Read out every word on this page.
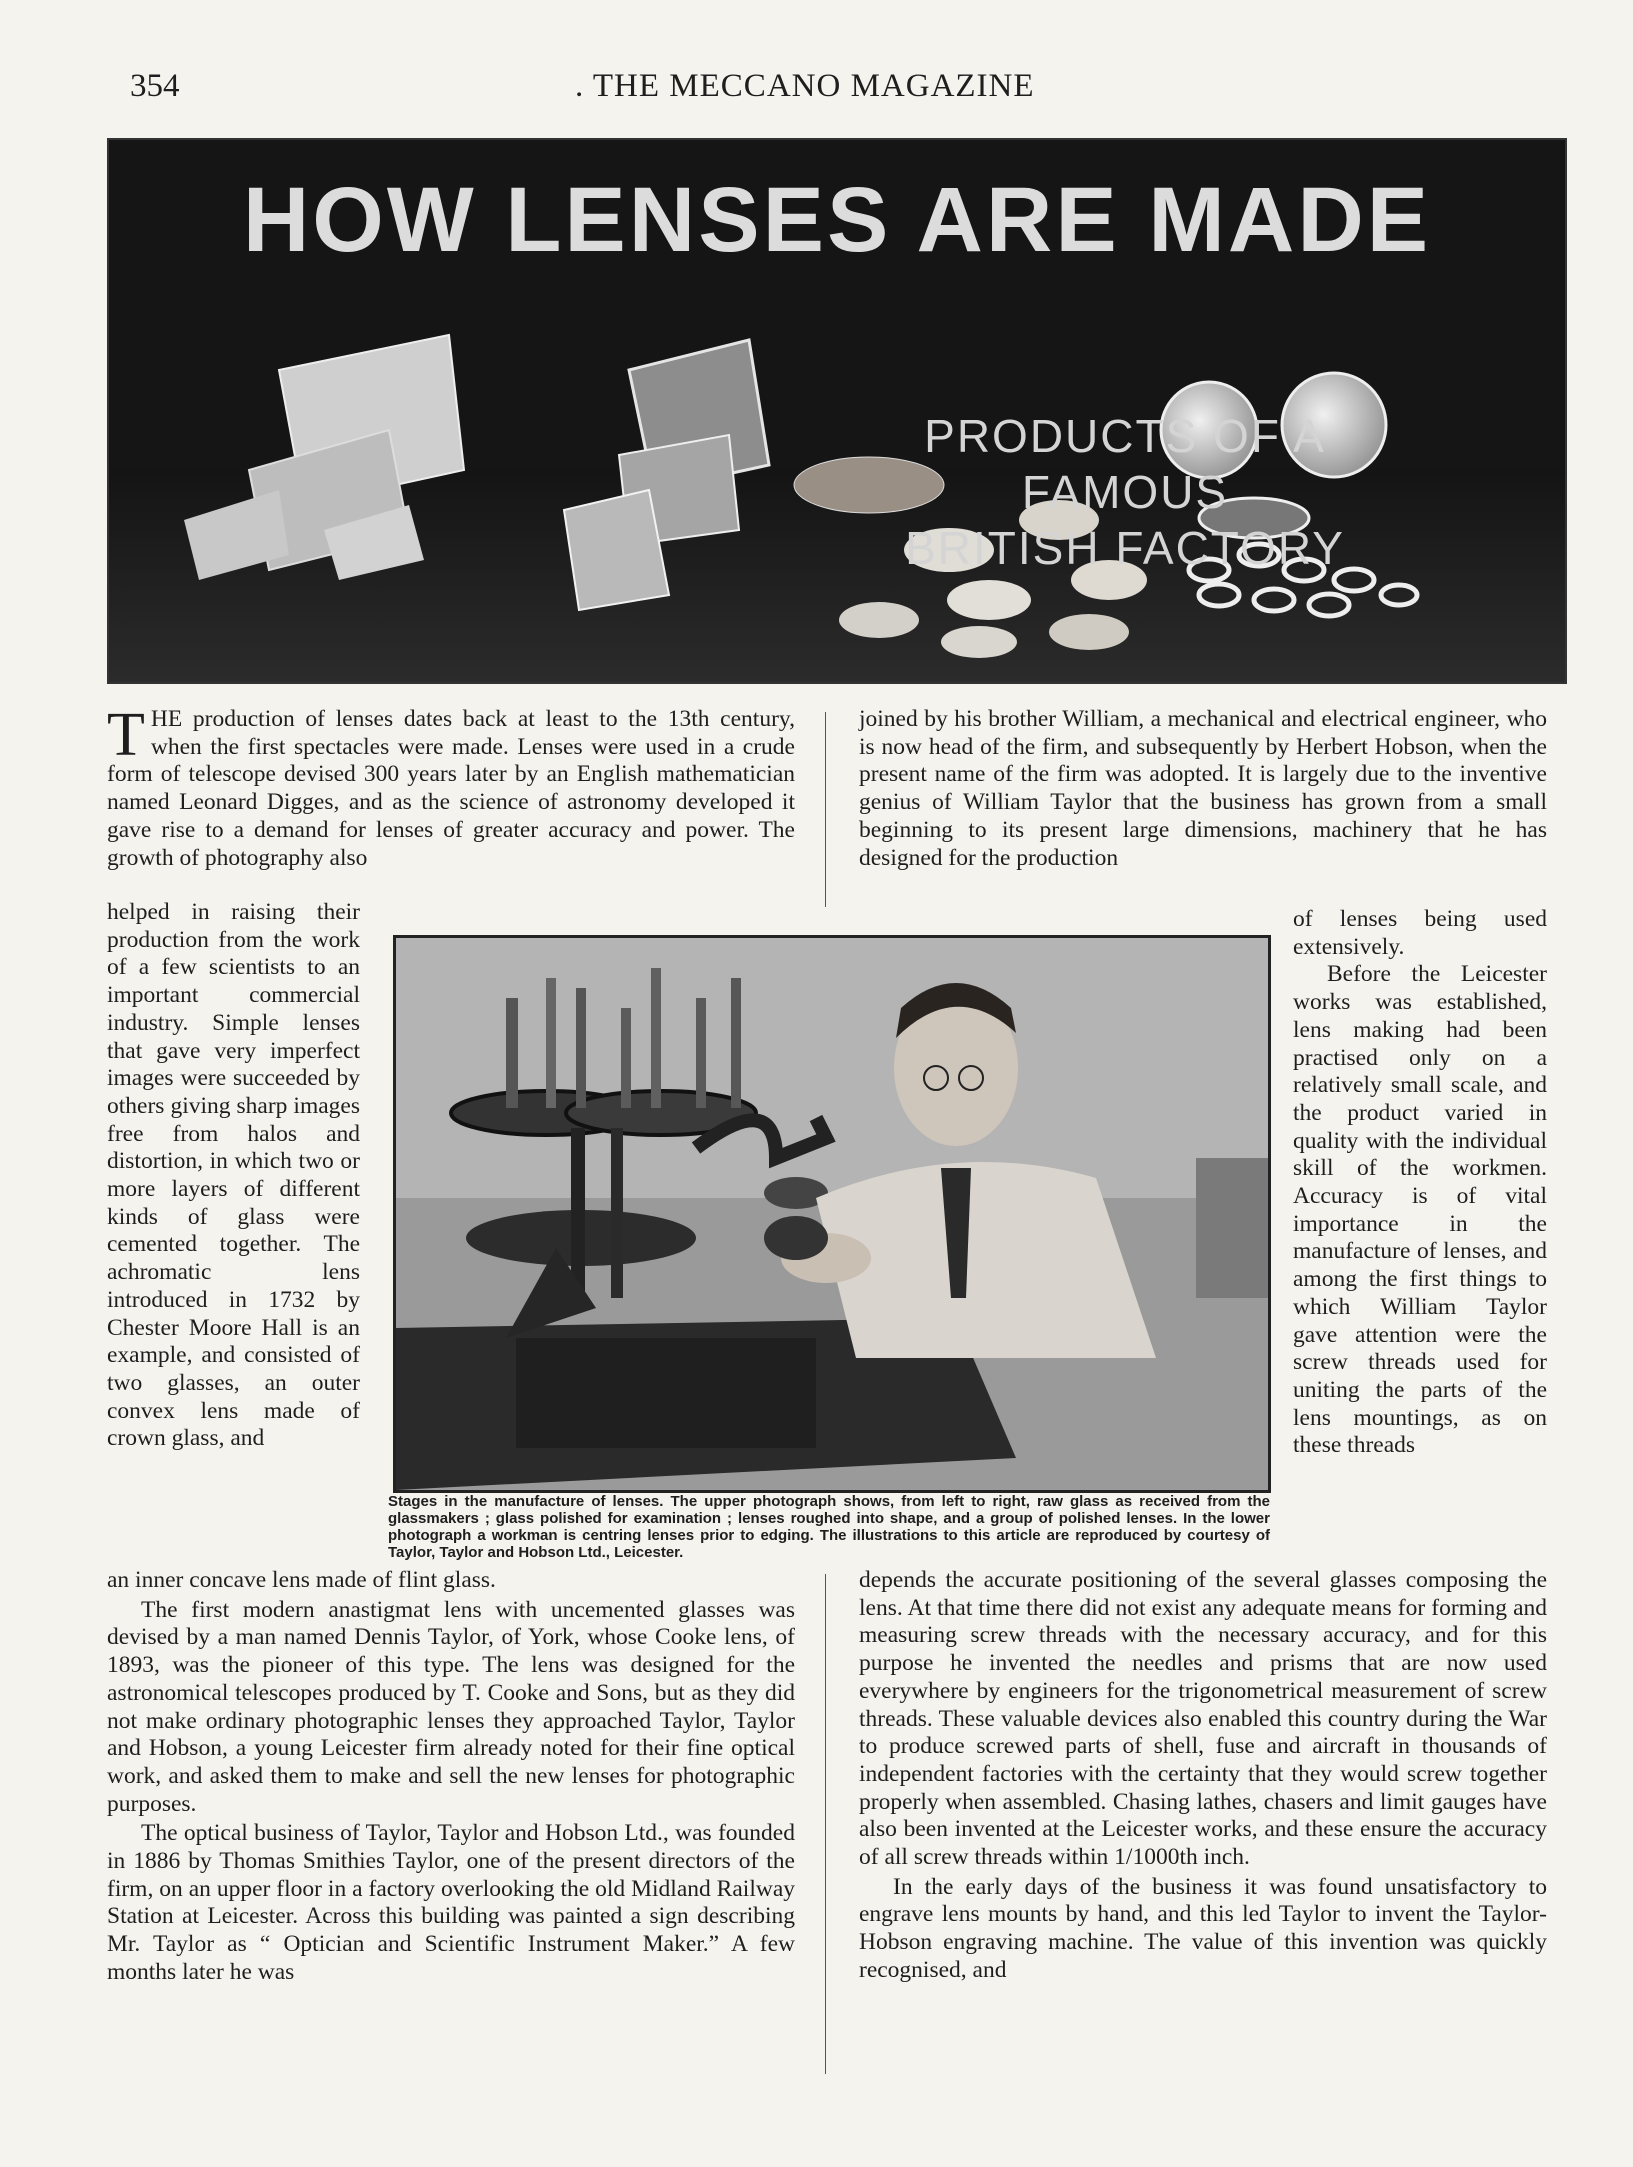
354	. THE MECCANO MAGAZINE
HOW LENSES ARE MADE
PRODUCTS OF A FAMOUS
BRITISH FACTORY

THE production of lenses dates back at least to the 13th century, when the first spectacles were made. Lenses were used in a crude form of telescope devised 300 years later by an English mathematician named Leonard Digges, and as the science of astronomy developed it gave rise to a demand for lenses of greater accuracy and power. The growth of photography also

helped in raising their production from the work of a few scientists to an important commercial industry. Simple lenses that gave very imperfect images were succeeded by others giving sharp images free from halos and distortion, in which two or more layers of different kinds of glass were cemented together. The achromatic lens introduced in 1732 by Chester Moore Hall is an example, and consisted of two glasses, an outer convex lens made of crown glass, and

an inner concave lens made of flint glass.

The first modern anastigmat lens with uncemented glasses was devised by a man named Dennis Taylor, of York, whose Cooke lens, of 1893, was the pioneer of this type. The lens was designed for the astronomical telescopes produced by T. Cooke and Sons, but as they did not make ordinary photographic lenses they approached Taylor, Taylor and Hobson, a young Leicester firm already noted for their fine optical work, and asked them to make and sell the new lenses for photographic purposes.

The optical business of Taylor, Taylor and Hobson Ltd., was founded in 1886 by Thomas Smithies Taylor, one of the present directors of the firm, on an upper floor in a factory overlooking the old Midland Railway Station at Leicester. Across this building was painted a sign describing Mr. Taylor as “ Optician and Scientific Instrument Maker.” A few months later he was

joined by his brother William, a mechanical and electrical engineer, who is now head of the firm, and subsequently by Herbert Hobson, when the present name of the firm was adopted. It is largely due to the inventive genius of William Taylor that the business has grown from a small beginning to its present large dimensions, machinery that he has designed for the production

of lenses being used extensively.

Before the Leicester works was established, lens making had been practised only on a relatively small scale, and the product varied in quality with the individual skill of the workmen. Accuracy is of vital importance in the manufacture of lenses, and among the first things to which William Taylor gave attention were the screw threads used for uniting the parts of the lens mountings, as on these threads

depends the accurate positioning of the several glasses composing the lens. At that time there did not exist any adequate means for forming and measuring screw threads with the necessary accuracy, and for this purpose he invented the needles and prisms that are now used everywhere by engineers for the trigonometrical measurement of screw threads. These valuable devices also enabled this country during the War to produce screwed parts of shell, fuse and aircraft in thousands of independent factories with the certainty that they would screw together properly when assembled. Chasing lathes, chasers and limit gauges have also been invented at the Leicester works, and these ensure the accuracy of all screw threads within 1/1000th inch.

In the early days of the business it was found unsatisfactory to engrave lens mounts by hand, and this led Taylor to invent the Taylor-Hobson engraving machine. The value of this invention was quickly recognised, and

Stages in the manufacture of lenses. The upper photograph shows, from left to right, raw glass as received from the glassmakers ; glass polished for examination ; lenses roughed into shape, and a group of polished lenses. In the lower photograph a workman is centring lenses prior to edging. The illustrations to this article are reproduced by courtesy of Taylor, Taylor and Hobson Ltd., Leicester.
